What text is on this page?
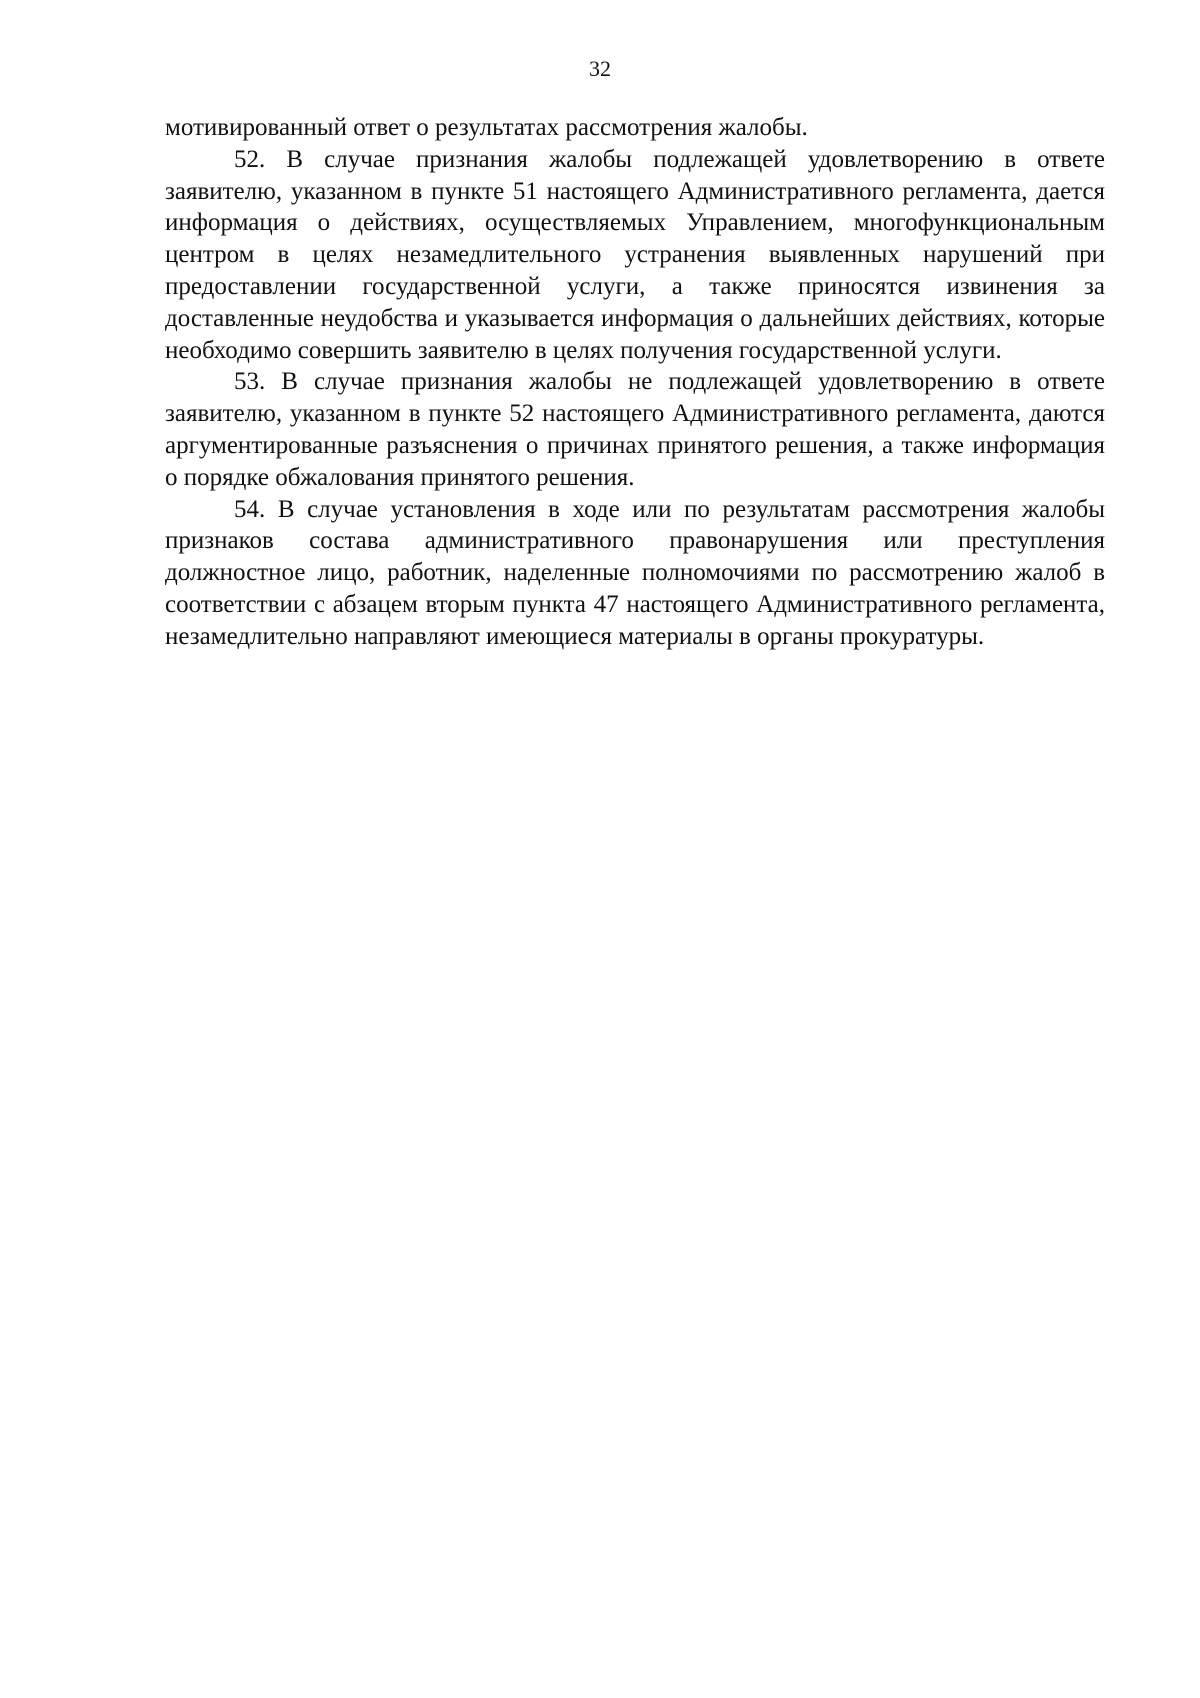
32

мотивированный ответ о результатах рассмотрения жалобы.

52. В случае признания жалобы подлежащей удовлетворению в ответе заявителю, указанном в пункте 51 настоящего Административного регламента, дается информация о действиях, осуществляемых Управлением, многофункциональным центром в целях незамедлительного устранения выявленных нарушений при предоставлении государственной услуги, а также приносятся извинения за доставленные неудобства и указывается информация о дальнейших действиях, которые необходимо совершить заявителю в целях получения государственной услуги.

53. В случае признания жалобы не подлежащей удовлетворению в ответе заявителю, указанном в пункте 52 настоящего Административного регламента, даются аргументированные разъяснения о причинах принятого решения, а также информация о порядке обжалования принятого решения.

54. В случае установления в ходе или по результатам рассмотрения жалобы признаков состава административного правонарушения или преступления должностное лицо, работник, наделенные полномочиями по рассмотрению жалоб в соответствии с абзацем вторым пункта 47 настоящего Административного регламента, незамедлительно направляют имеющиеся материалы в органы прокуратуры.
